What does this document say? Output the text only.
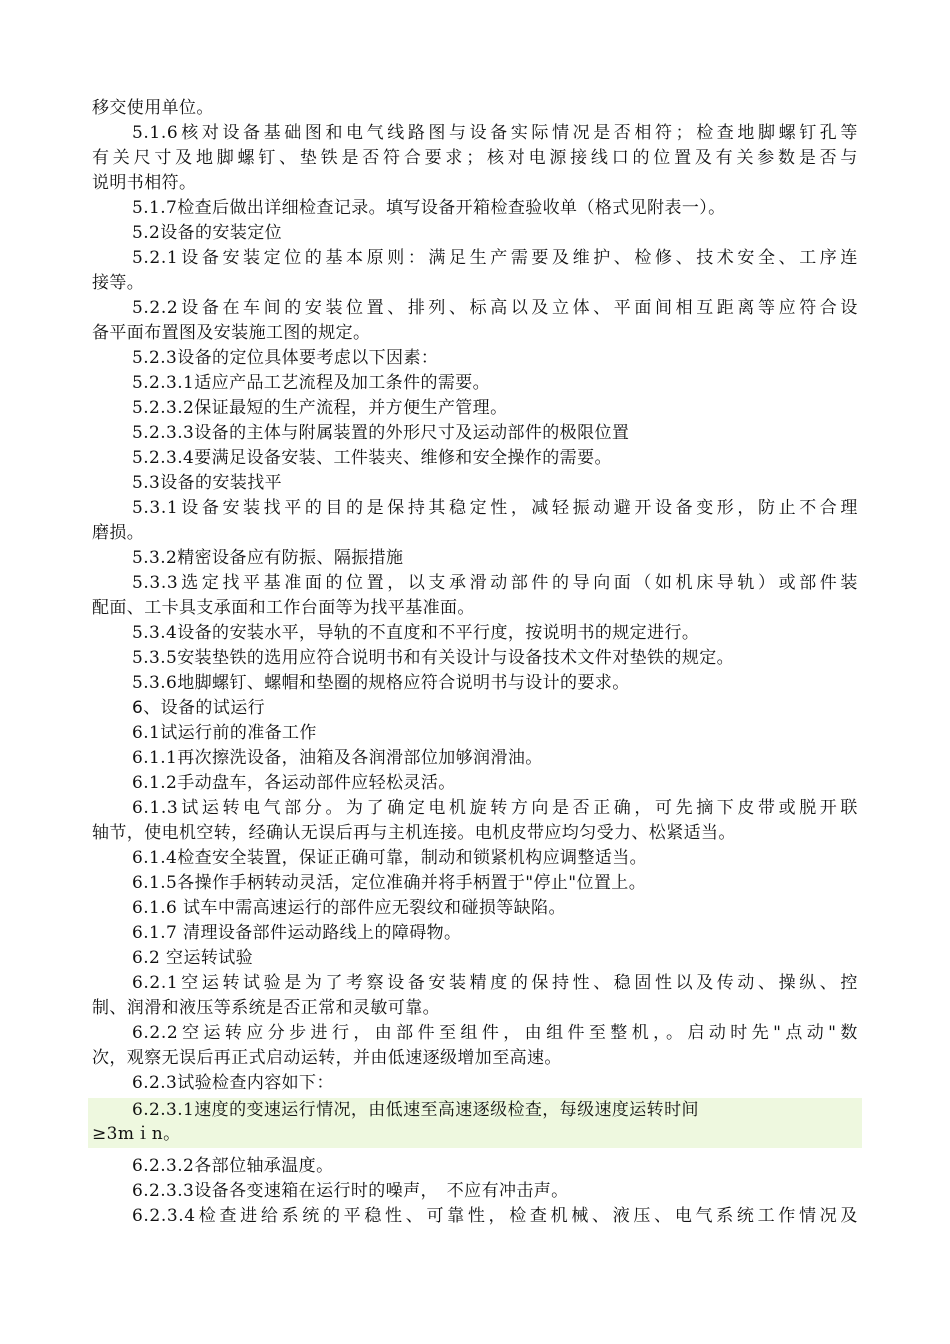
移交使用单位。
5.1.6核对设备基础图和电气线路图与设备实际情况是否相符；检查地脚螺钉孔等
有关尺寸及地脚螺钉、垫铁是否符合要求；核对电源接线口的位置及有关参数是否与
说明书相符。
5.1.7检查后做出详细检查记录。填写设备开箱检查验收单（格式见附表一）。
5.2设备的安装定位
5.2.1设备安装定位的基本原则：满足生产需要及维护、检修、技术安全、工序连
接等。
5.2.2设备在车间的安装位置、排列、标高以及立体、平面间相互距离等应符合设
备平面布置图及安装施工图的规定。
5.2.3设备的定位具体要考虑以下因素：
5.2.3.1适应产品工艺流程及加工条件的需要。
5.2.3.2保证最短的生产流程，并方便生产管理。
5.2.3.3设备的主体与附属装置的外形尺寸及运动部件的极限位置
5.2.3.4要满足设备安装、工件装夹、维修和安全操作的需要。
5.3设备的安装找平
5.3.1设备安装找平的目的是保持其稳定性，减轻振动避开设备变形，防止不合理
磨损。
5.3.2精密设备应有防振、隔振措施
5.3.3选定找平基准面的位置，以支承滑动部件的导向面（如机床导轨）或部件装
配面、工卡具支承面和工作台面等为找平基准面。
5.3.4设备的安装水平，导轨的不直度和不平行度，按说明书的规定进行。
5.3.5安装垫铁的选用应符合说明书和有关设计与设备技术文件对垫铁的规定。
5.3.6地脚螺钉、螺帽和垫圈的规格应符合说明书与设计的要求。
6、设备的试运行
6.1试运行前的准备工作
6.1.1再次擦洗设备，油箱及各润滑部位加够润滑油。
6.1.2手动盘车，各运动部件应轻松灵活。
6.1.3试运转电气部分。为了确定电机旋转方向是否正确，可先摘下皮带或脱开联
轴节，使电机空转，经确认无误后再与主机连接。电机皮带应均匀受力、松紧适当。
6.1.4检查安全装置，保证正确可靠，制动和锁紧机构应调整适当。
6.1.5各操作手柄转动灵活，定位准确并将手柄置于"停止"位置上。
6.1.6 试车中需高速运行的部件应无裂纹和碰损等缺陷。
6.1.7 清理设备部件运动路线上的障碍物。
6.2 空运转试验
6.2.1空运转试验是为了考察设备安装精度的保持性、稳固性以及传动、操纵、控
制、润滑和液压等系统是否正常和灵敏可靠。
6.2.2空运转应分步进行，由部件至组件，由组件至整机，。启动时先"点动"数
次，观察无误后再正式启动运转，并由低速逐级增加至高速。
6.2.3试验检查内容如下：
6.2.3.1速度的变速运行情况，由低速至高速逐级检查，每级速度运转时间
≥3mｉn。
6.2.3.2各部位轴承温度。
6.2.3.3设备各变速箱在运行时的噪声，　不应有冲击声。
6.2.3.4检查进给系统的平稳性、可靠性，检查机械、液压、电气系统工作情况及
